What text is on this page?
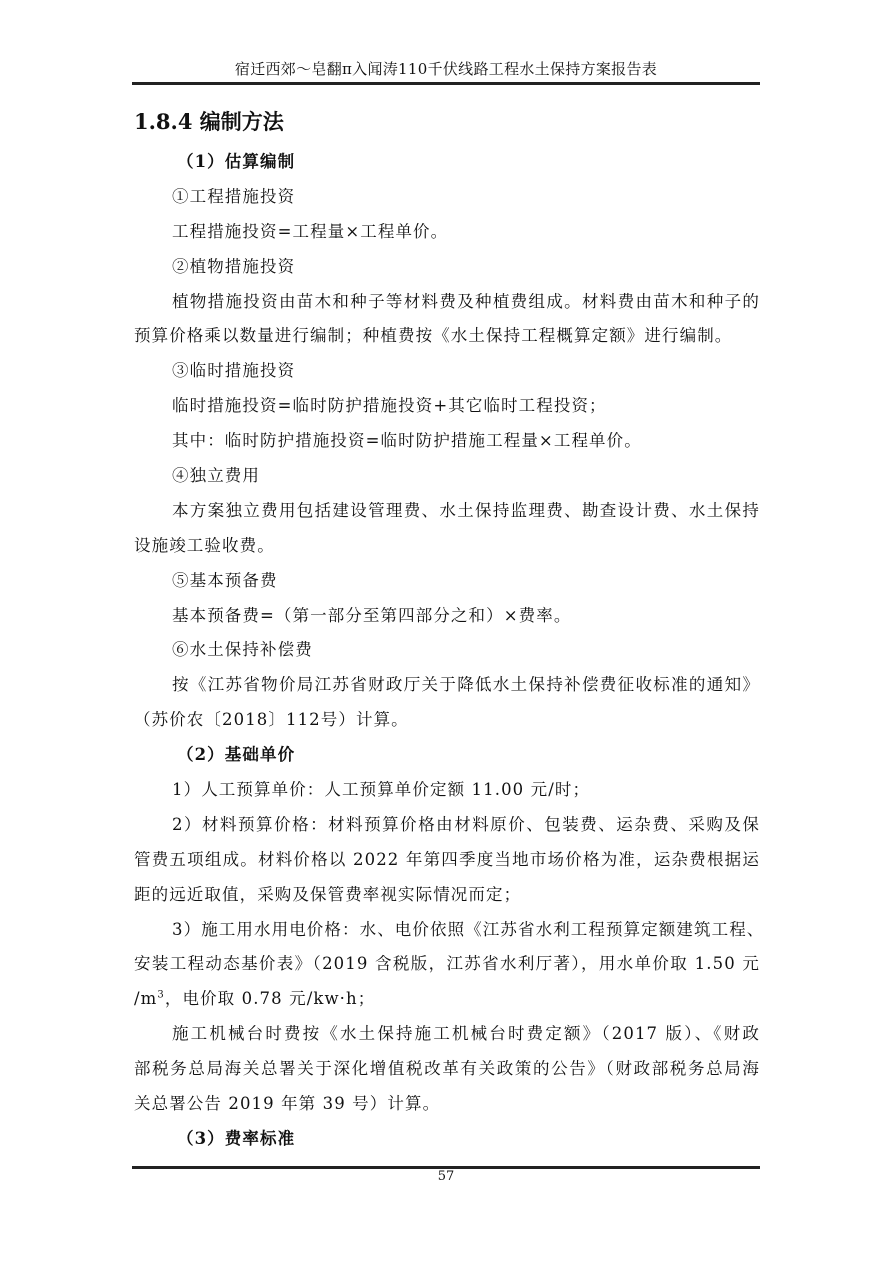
宿迁西郊～皂翻π入闻涛110千伏线路工程水土保持方案报告表
1.8.4 编制方法
（1）估算编制
①工程措施投资
工程措施投资=工程量×工程单价。
②植物措施投资
植物措施投资由苗木和种子等材料费及种植费组成。材料费由苗木和种子的
预算价格乘以数量进行编制；种植费按《水土保持工程概算定额》进行编制。
③临时措施投资
临时措施投资=临时防护措施投资+其它临时工程投资；
其中：临时防护措施投资=临时防护措施工程量×工程单价。
④独立费用
本方案独立费用包括建设管理费、水土保持监理费、勘查设计费、水土保持
设施竣工验收费。
⑤基本预备费
基本预备费=（第一部分至第四部分之和）×费率。
⑥水土保持补偿费
按《江苏省物价局江苏省财政厅关于降低水土保持补偿费征收标准的通知》
（苏价农〔2018〕112号）计算。
（2）基础单价
1）人工预算单价：人工预算单价定额 11.00 元/时；
2）材料预算价格：材料预算价格由材料原价、包装费、运杂费、采购及保
管费五项组成。材料价格以 2022 年第四季度当地市场价格为准，运杂费根据运
距的远近取值，采购及保管费率视实际情况而定；
3）施工用水用电价格：水、电价依照《江苏省水利工程预算定额建筑工程、
安装工程动态基价表》（2019 含税版，江苏省水利厅著），用水单价取 1.50 元
$/m^3$，电价取 0.78 元/kw·h；
施工机械台时费按《水土保持施工机械台时费定额》（2017 版）、《财政
部税务总局海关总署关于深化增值税改革有关政策的公告》（财政部税务总局海
关总署公告 2019 年第 39 号）计算。
（3）费率标准
57
